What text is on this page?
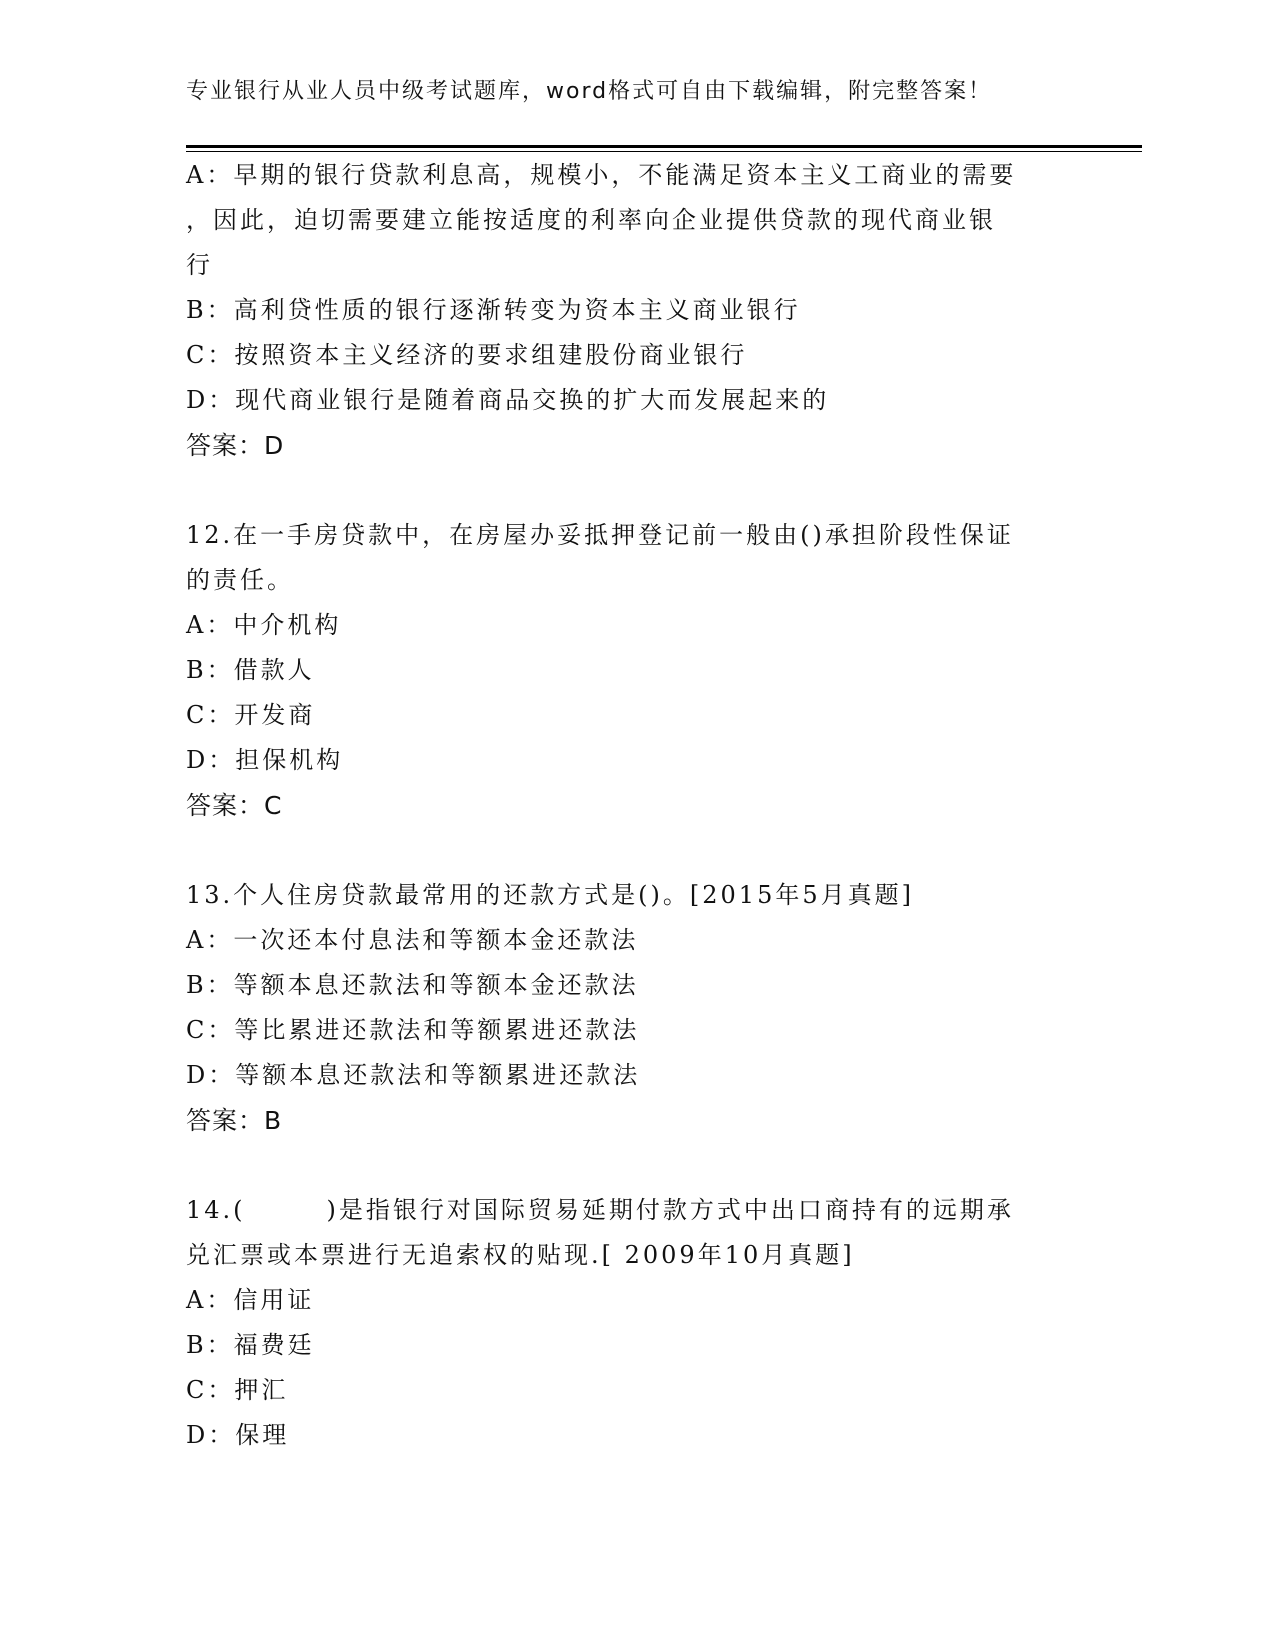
专业银行从业人员中级考试题库，word格式可自由下载编辑，附完整答案！
A：早期的银行贷款利息高，规模小，不能满足资本主义工商业的需要
，因此，迫切需要建立能按适度的利率向企业提供贷款的现代商业银
行
B：高利贷性质的银行逐渐转变为资本主义商业银行
C：按照资本主义经济的要求组建股份商业银行
D：现代商业银行是随着商品交换的扩大而发展起来的
答案：D
12.在一手房贷款中，在房屋办妥抵押登记前一般由()承担阶段性保证
的责任。
A：中介机构
B：借款人
C：开发商
D：担保机构
答案：C
13.个人住房贷款最常用的还款方式是()。[2015年5月真题]
A：一次还本付息法和等额本金还款法
B：等额本息还款法和等额本金还款法
C：等比累进还款法和等额累进还款法
D：等额本息还款法和等额累进还款法
答案：B
14.(　　　)是指银行对国际贸易延期付款方式中出口商持有的远期承
兑汇票或本票进行无追索权的贴现.[ 2009年10月真题]
A：信用证
B：福费廷
C：押汇
D：保理
